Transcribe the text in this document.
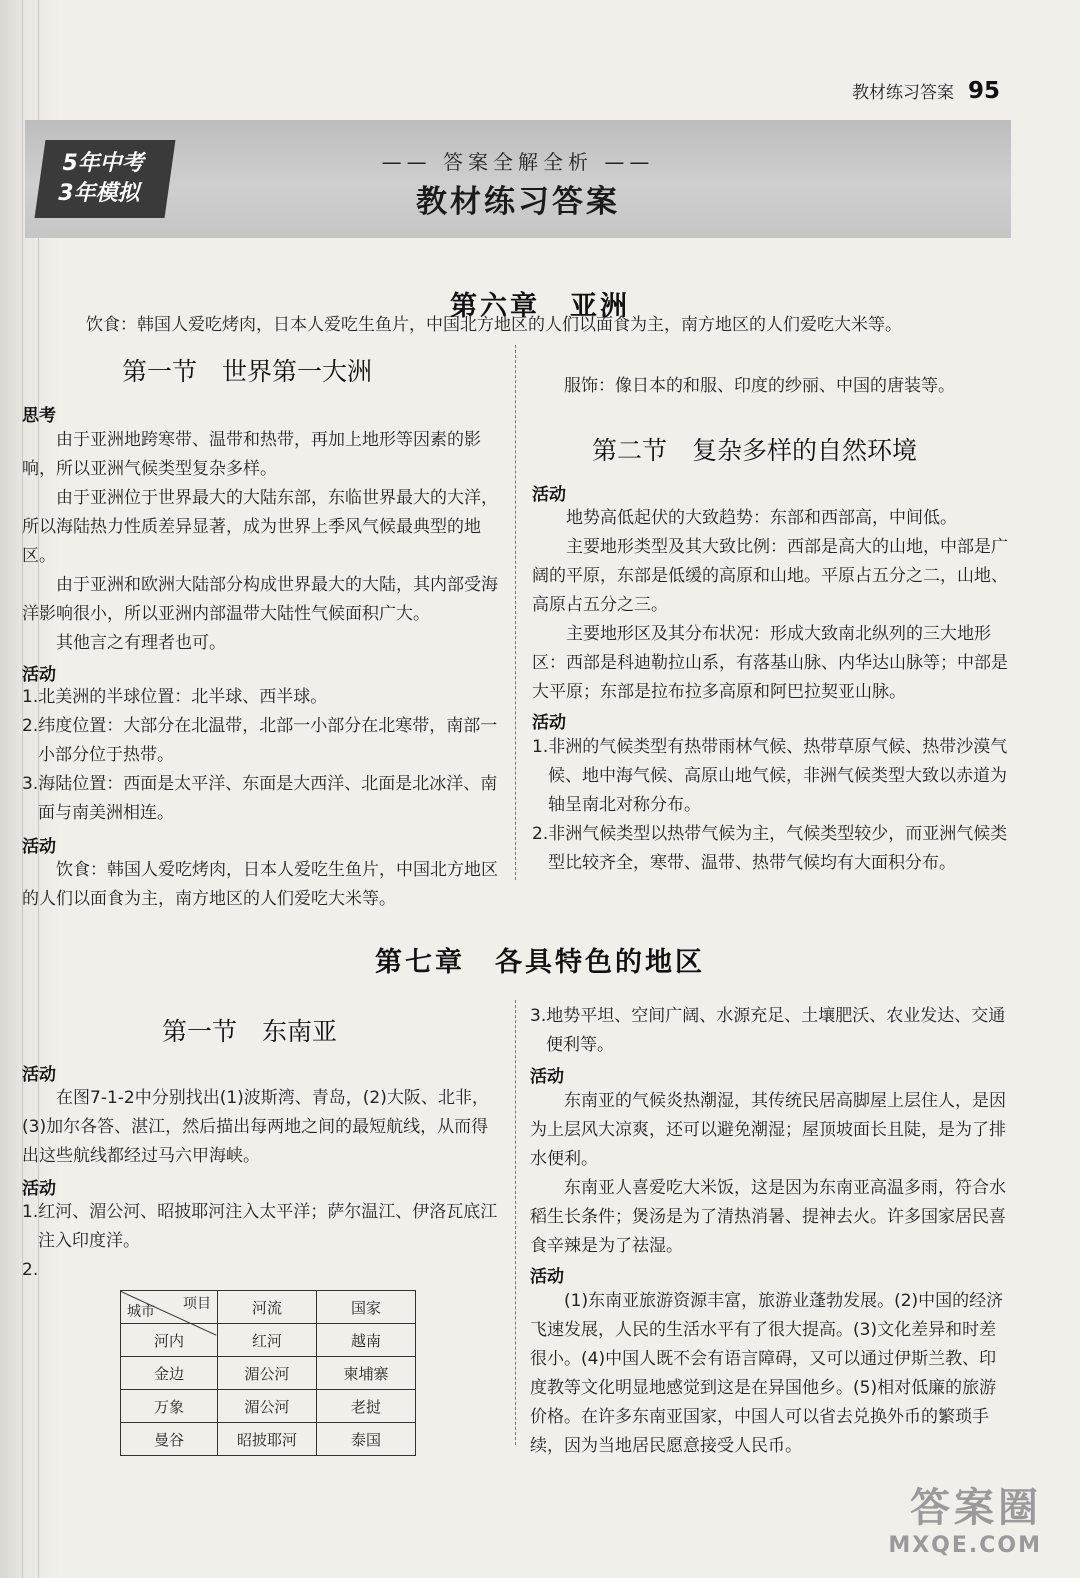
教材练习答案 95
—— 答案全解全析 ——
教材练习答案
5年中考
3年模拟
第六章　亚洲
第一节　世界第一大洲
思考

由于亚洲地跨寒带、温带和热带，再加上地形等因素的影响，所以亚洲气候类型复杂多样。

由于亚洲位于世界最大的大陆东部，东临世界最大的大洋，所以海陆热力性质差异显著，成为世界上季风气候最典型的地区。

由于亚洲和欧洲大陆部分构成世界最大的大陆，其内部受海洋影响很小，所以亚洲内部温带大陆性气候面积广大。

其他言之有理者也可。

活动

1.北美洲的半球位置：北半球、西半球。

2.纬度位置：大部分在北温带，北部一小部分在北寒带，南部一小部分位于热带。

3.海陆位置：西面是太平洋、东面是大西洋、北面是北冰洋、南面与南美洲相连。

活动

饮食：韩国人爱吃烤肉，日本人爱吃生鱼片，中国北方地区的人们以面食为主，南方地区的人们爱吃大米等。

饮食：韩国人爱吃烤肉，日本人爱吃生鱼片，中国北方地区的人们以面食为主，南方地区的人们爱吃大米等。

服饰：像日本的和服、印度的纱丽、中国的唐装等。

第二节　复杂多样的自然环境
活动

地势高低起伏的大致趋势：东部和西部高，中间低。

主要地形类型及其大致比例：西部是高大的山地，中部是广阔的平原，东部是低缓的高原和山地。平原占五分之二，山地、高原占五分之三。

主要地形区及其分布状况：形成大致南北纵列的三大地形区：西部是科迪勒拉山系，有落基山脉、内华达山脉等；中部是大平原；东部是拉布拉多高原和阿巴拉契亚山脉。

活动

1.非洲的气候类型有热带雨林气候、热带草原气候、热带沙漠气候、地中海气候、高原山地气候，非洲气候类型大致以赤道为轴呈南北对称分布。

2.非洲气候类型以热带气候为主，气候类型较少，而亚洲气候类型比较齐全，寒带、温带、热带气候均有大面积分布。

第七章　各具特色的地区
第一节　东南亚
活动

在图7-1-2中分别找出(1)波斯湾、青岛，(2)大阪、北非，(3)加尔各答、湛江，然后描出每两地之间的最短航线，从而得出这些航线都经过马六甲海峡。

活动

1.红河、湄公河、昭披耶河注入太平洋；萨尔温江、伊洛瓦底江注入印度洋。

2.

项目
城市	河流	国家
河内	红河	越南
金边	湄公河	柬埔寨
万象	湄公河	老挝
曼谷	昭披耶河	泰国

3.地势平坦、空间广阔、水源充足、土壤肥沃、农业发达、交通便利等。

活动

东南亚的气候炎热潮湿，其传统民居高脚屋上层住人，是因为上层风大凉爽，还可以避免潮湿；屋顶坡面长且陡，是为了排水便利。

东南亚人喜爱吃大米饭，这是因为东南亚高温多雨，符合水稻生长条件；煲汤是为了清热消暑、提神去火。许多国家居民喜食辛辣是为了祛湿。

活动

(1)东南亚旅游资源丰富，旅游业蓬勃发展。(2)中国的经济飞速发展，人民的生活水平有了很大提高。(3)文化差异和时差很小。(4)中国人既不会有语言障碍，又可以通过伊斯兰教、印度教等文化明显地感觉到这是在异国他乡。(5)相对低廉的旅游价格。在许多东南亚国家，中国人可以省去兑换外币的繁琐手续，因为当地居民愿意接受人民币。

答案圈
MXQE.COM
